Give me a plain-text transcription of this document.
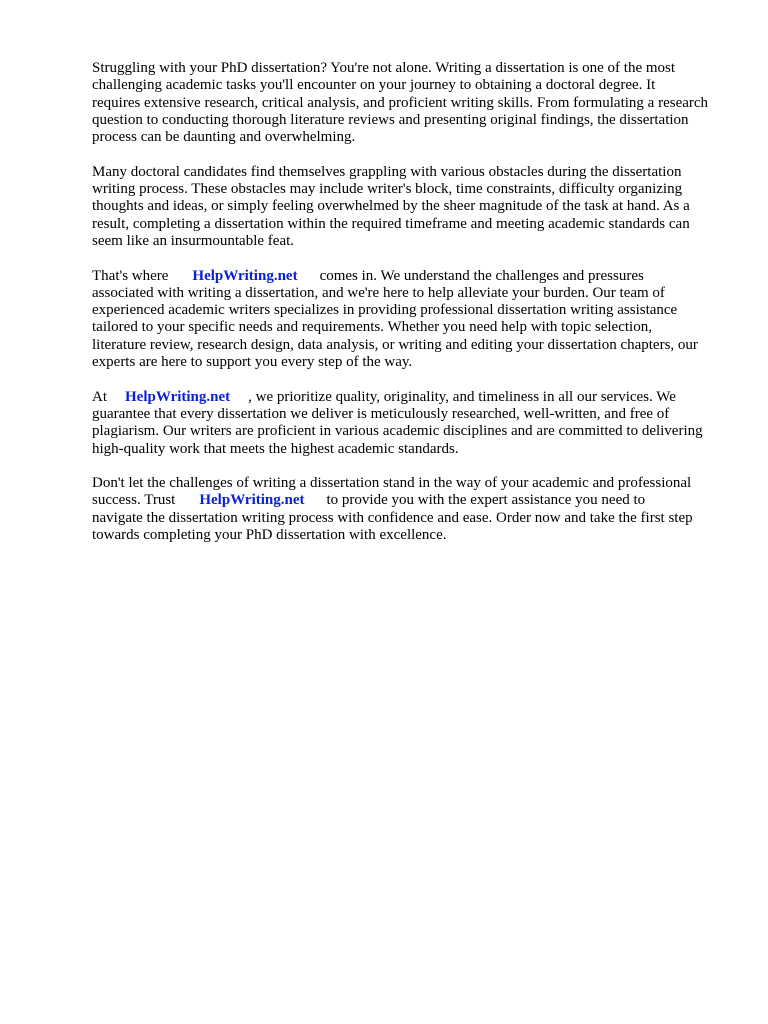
Struggling with your PhD dissertation? You're not alone. Writing a dissertation is one of the most
challenging academic tasks you'll encounter on your journey to obtaining a doctoral degree. It
requires extensive research, critical analysis, and proficient writing skills. From formulating a research
question to conducting thorough literature reviews and presenting original findings, the dissertation
process can be daunting and overwhelming.

Many doctoral candidates find themselves grappling with various obstacles during the dissertation
writing process. These obstacles may include writer's block, time constraints, difficulty organizing
thoughts and ideas, or simply feeling overwhelmed by the sheer magnitude of the task at hand. As a
result, completing a dissertation within the required timeframe and meeting academic standards can
seem like an insurmountable feat.

That's where HelpWriting.net comes in. We understand the challenges and pressures
associated with writing a dissertation, and we're here to help alleviate your burden. Our team of
experienced academic writers specializes in providing professional dissertation writing assistance
tailored to your specific needs and requirements. Whether you need help with topic selection,
literature review, research design, data analysis, or writing and editing your dissertation chapters, our
experts are here to support you every step of the way.

At HelpWriting.net , we prioritize quality, originality, and timeliness in all our services. We
guarantee that every dissertation we deliver is meticulously researched, well-written, and free of
plagiarism. Our writers are proficient in various academic disciplines and are committed to delivering
high-quality work that meets the highest academic standards.

Don't let the challenges of writing a dissertation stand in the way of your academic and professional
success. Trust HelpWriting.net to provide you with the expert assistance you need to
navigate the dissertation writing process with confidence and ease. Order now and take the first step
towards completing your PhD dissertation with excellence.
